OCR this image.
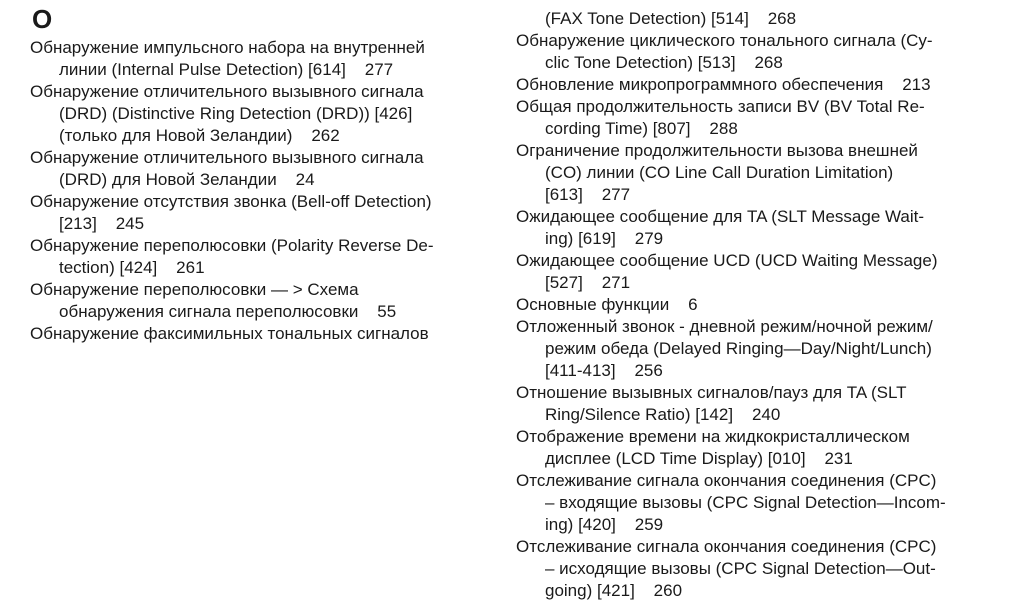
О
Обнаружение импульсного набора на внутренней
линии (Internal Pulse Detection) [614]    277
Обнаружение отличительного вызывного сигнала
(DRD) (Distinctive Ring Detection (DRD)) [426]
(только для Новой Зеландии)    262
Обнаружение отличительного вызывного сигнала
(DRD) для Новой Зеландии    24
Обнаружение отсутствия звонка (Bell-off Detection)
[213]    245
Обнаружение переполюсовки (Polarity Reverse De-
tection) [424]    261
Обнаружение переполюсовки — > Схема
обнаружения сигнала переполюсовки    55
Обнаружение факсимильных тональных сигналов
(FAX Tone Detection) [514]    268
Обнаружение циклического тонального сигнала (Cy-
clic Tone Detection) [513]    268
Обновление микропрограммного обеспечения    213
Общая продолжительность записи BV (BV Total Re-
cording Time) [807]    288
Ограничение продолжительности вызова внешней
(CO) линии (CO Line Call Duration Limitation)
[613]    277
Ожидающее сообщение для TA (SLT Message Wait-
ing) [619]    279
Ожидающее сообщение UCD (UCD Waiting Message)
[527]    271
Основные функции    6
Отложенный звонок - дневной режим/ночной режим/
режим обеда (Delayed Ringing—Day/Night/Lunch)
[411-413]    256
Отношение вызывных сигналов/пауз для TA (SLT
Ring/Silence Ratio) [142]    240
Отображение времени на жидкокристаллическом
дисплее (LCD Time Display) [010]    231
Отслеживание сигнала окончания соединения (CPC)
– входящие вызовы (CPC Signal Detection—Incom-
ing) [420]    259
Отслеживание сигнала окончания соединения (CPC)
– исходящие вызовы (CPC Signal Detection—Out-
going) [421]    260
